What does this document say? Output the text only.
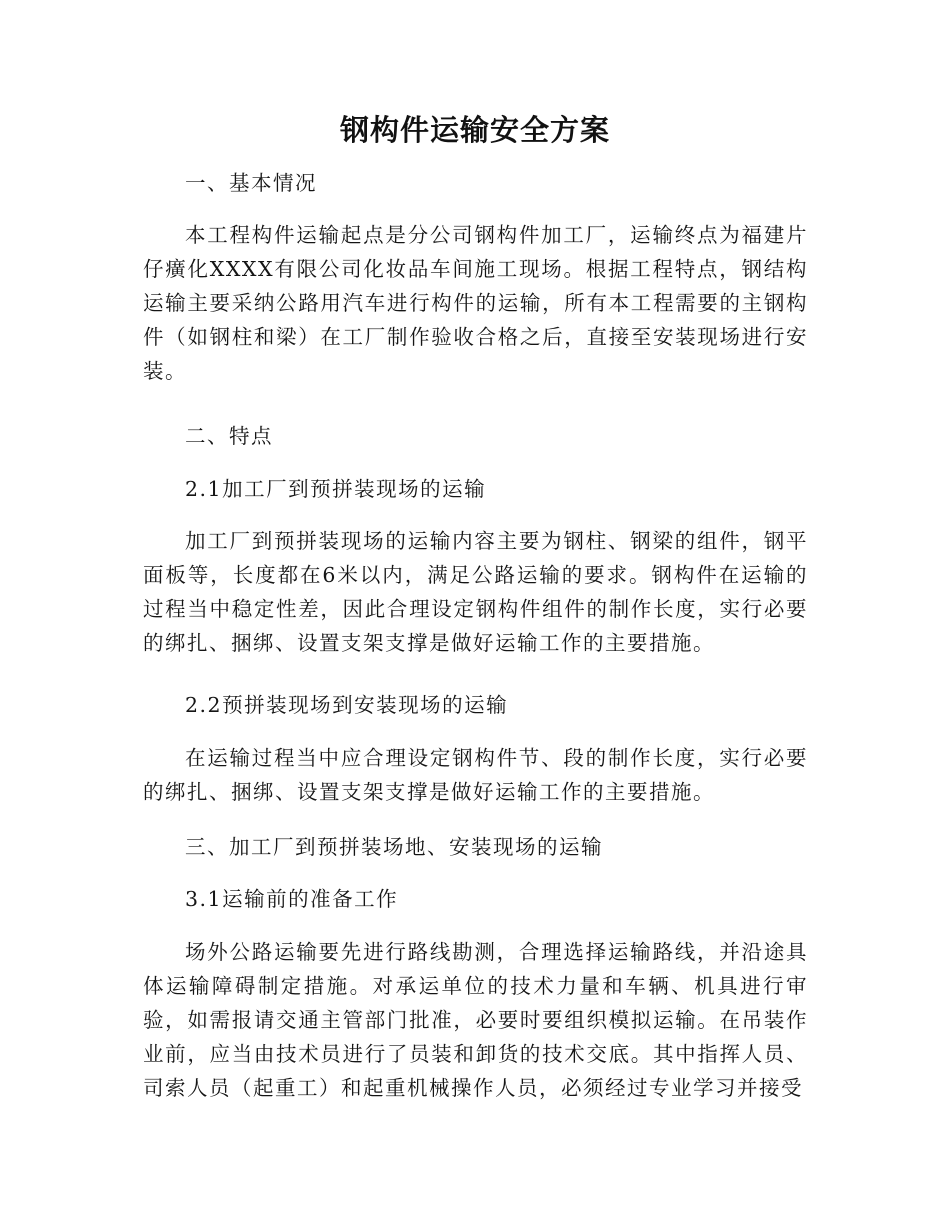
钢构件运输安全方案

一、基本情况

本工程构件运输起点是分公司钢构件加工厂，运输终点为福建片仔癀化XXXX有限公司化妆品车间施工现场。根据工程特点，钢结构运输主要采纳公路用汽车进行构件的运输，所有本工程需要的主钢构件（如钢柱和梁）在工厂制作验收合格之后，直接至安装现场进行安装。

二、特点

2.1加工厂到预拼装现场的运输

加工厂到预拼装现场的运输内容主要为钢柱、钢梁的组件，钢平面板等，长度都在6米以内，满足公路运输的要求。钢构件在运输的过程当中稳定性差，因此合理设定钢构件组件的制作长度，实行必要的绑扎、捆绑、设置支架支撑是做好运输工作的主要措施。

2.2预拼装现场到安装现场的运输

在运输过程当中应合理设定钢构件节、段的制作长度，实行必要的绑扎、捆绑、设置支架支撑是做好运输工作的主要措施。

三、加工厂到预拼装场地、安装现场的运输

3.1运输前的准备工作

场外公路运输要先进行路线勘测，合理选择运输路线，并沿途具体运输障碍制定措施。对承运单位的技术力量和车辆、机具进行审验，如需报请交通主管部门批准，必要时要组织模拟运输。在吊装作业前，应当由技术员进行了员装和卸货的技术交底。其中指挥人员、司索人员（起重工）和起重机械操作人员，必须经过专业学习并接受
